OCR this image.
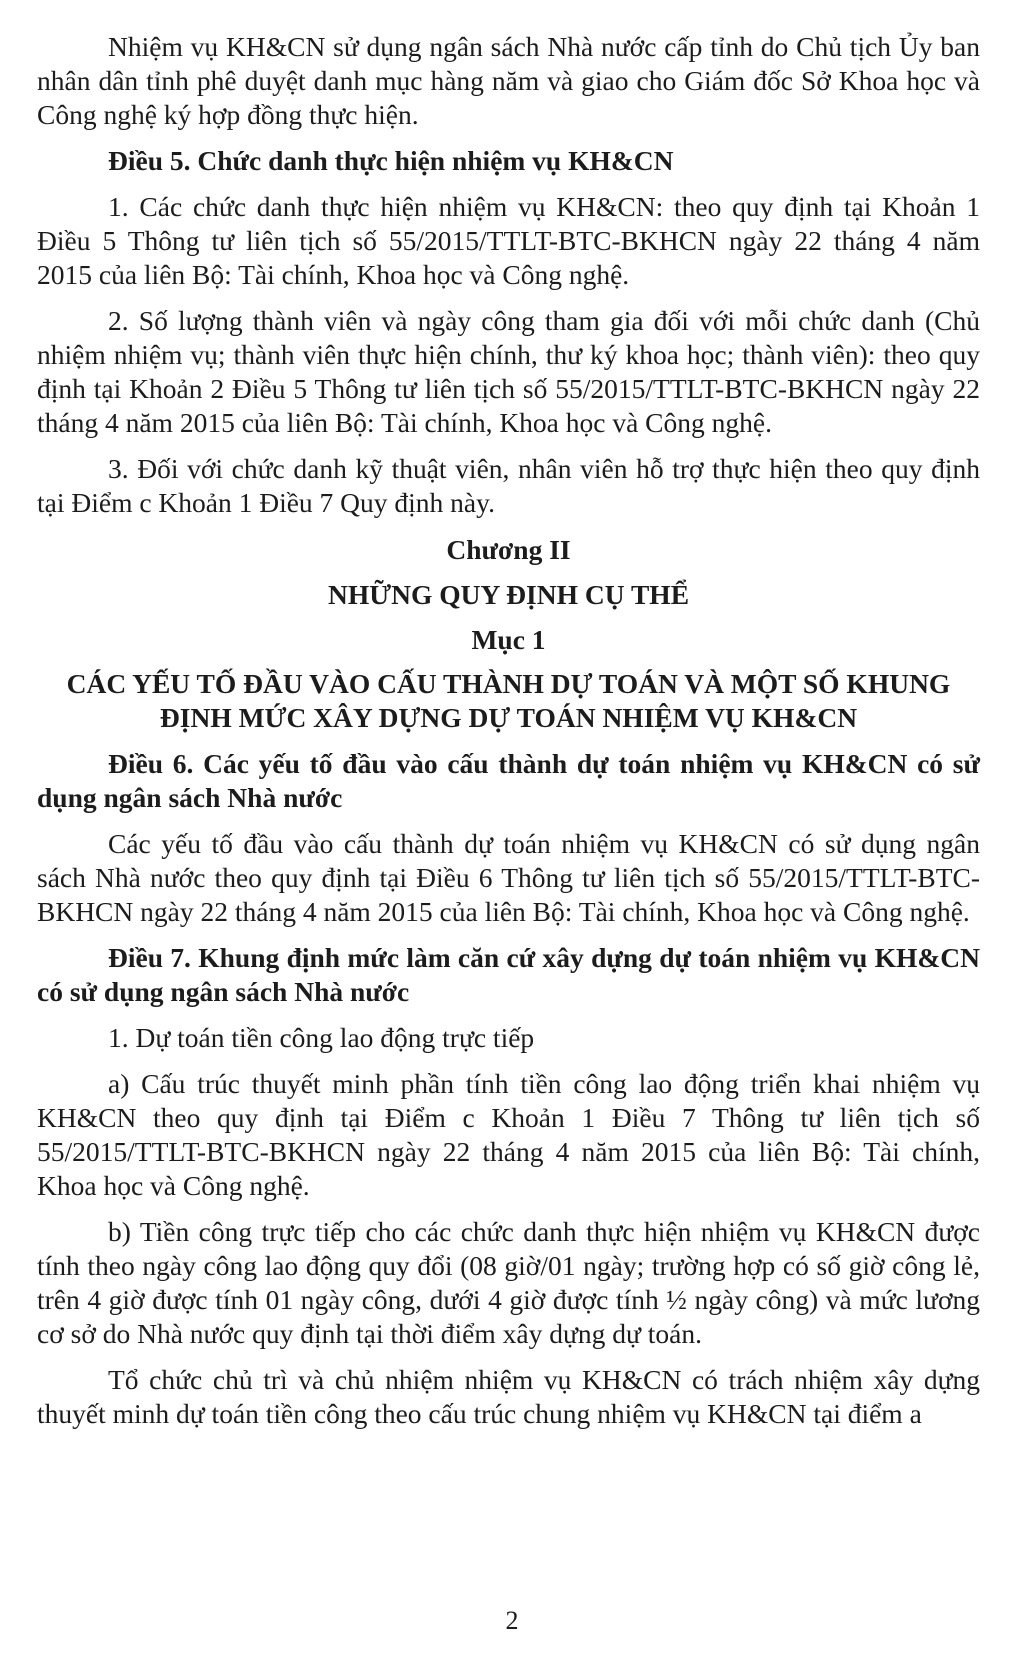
Nhiệm vụ KH&CN sử dụng ngân sách Nhà nước cấp tỉnh do Chủ tịch Ủy ban nhân dân tỉnh phê duyệt danh mục hàng năm và giao cho Giám đốc Sở Khoa học và Công nghệ ký hợp đồng thực hiện.

Điều 5. Chức danh thực hiện nhiệm vụ KH&CN

1. Các chức danh thực hiện nhiệm vụ KH&CN: theo quy định tại Khoản 1 Điều 5 Thông tư liên tịch số 55/2015/TTLT-BTC-BKHCN ngày 22 tháng 4 năm 2015 của liên Bộ: Tài chính, Khoa học và Công nghệ.

2. Số lượng thành viên và ngày công tham gia đối với mỗi chức danh (Chủ nhiệm nhiệm vụ; thành viên thực hiện chính, thư ký khoa học; thành viên): theo quy định tại Khoản 2 Điều 5 Thông tư liên tịch số 55/2015/TTLT-BTC-BKHCN ngày 22 tháng 4 năm 2015 của liên Bộ: Tài chính, Khoa học và Công nghệ.

3. Đối với chức danh kỹ thuật viên, nhân viên hỗ trợ thực hiện theo quy định tại Điểm c Khoản 1 Điều 7 Quy định này.

Chương II

NHỮNG QUY ĐỊNH CỤ THỂ

Mục 1

CÁC YẾU TỐ ĐẦU VÀO CẤU THÀNH DỰ TOÁN VÀ MỘT SỐ KHUNG ĐỊNH MỨC XÂY DỰNG DỰ TOÁN NHIỆM VỤ KH&CN

Điều 6. Các yếu tố đầu vào cấu thành dự toán nhiệm vụ KH&CN có sử dụng ngân sách Nhà nước

Các yếu tố đầu vào cấu thành dự toán nhiệm vụ KH&CN có sử dụng ngân sách Nhà nước theo quy định tại Điều 6 Thông tư liên tịch số 55/2015/TTLT-BTC-BKHCN ngày 22 tháng 4 năm 2015 của liên Bộ: Tài chính, Khoa học và Công nghệ.

Điều 7. Khung định mức làm căn cứ xây dựng dự toán nhiệm vụ KH&CN có sử dụng ngân sách Nhà nước

1. Dự toán tiền công lao động trực tiếp

a) Cấu trúc thuyết minh phần tính tiền công lao động triển khai nhiệm vụ KH&CN theo quy định tại Điểm c Khoản 1 Điều 7 Thông tư liên tịch số 55/2015/TTLT-BTC-BKHCN ngày 22 tháng 4 năm 2015 của liên Bộ: Tài chính, Khoa học và Công nghệ.

b) Tiền công trực tiếp cho các chức danh thực hiện nhiệm vụ KH&CN được tính theo ngày công lao động quy đổi (08 giờ/01 ngày; trường hợp có số giờ công lẻ, trên 4 giờ được tính 01 ngày công, dưới 4 giờ được tính ½ ngày công) và mức lương cơ sở do Nhà nước quy định tại thời điểm xây dựng dự toán.

Tổ chức chủ trì và chủ nhiệm nhiệm vụ KH&CN có trách nhiệm xây dựng thuyết minh dự toán tiền công theo cấu trúc chung nhiệm vụ KH&CN tại điểm a

2
